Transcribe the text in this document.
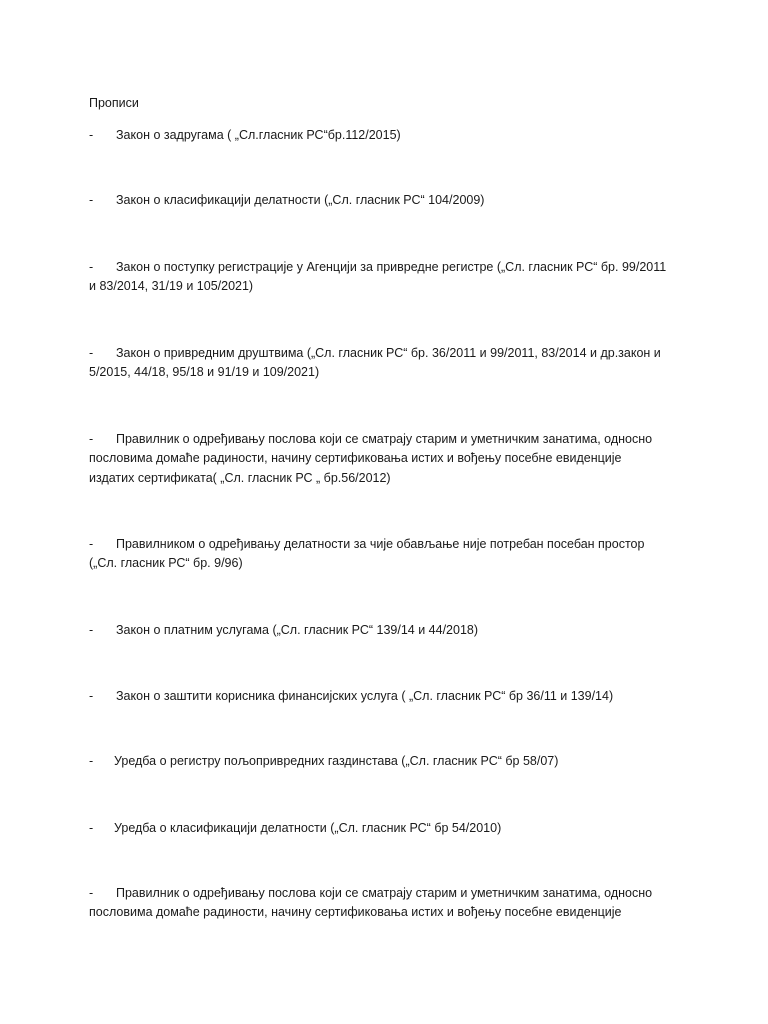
Прописи
- Закон о задругама ( „Сл.гласник РС“бр.112/2015)
- Закон о класификацији делатности („Сл. гласник РС“ 104/2009)
- Закон о поступку регистрације у Агенцији за привредне регистре („Сл. гласник РС“ бр. 99/2011
и 83/2014, 31/19 и 105/2021)
- Закон о привредним друштвима („Сл. гласник РС“ бр. 36/2011 и 99/2011, 83/2014 и др.закон и
5/2015, 44/18, 95/18 и 91/19 и 109/2021)
- Правилник о одређивању послова који се сматрају старим и уметничким занатима, односно
пословима домаће радиности, начину сертификовања истих и вођењу посебне евиденције
издатих сертификата( „Сл. гласник РС „ бр.56/2012)
- Правилником о одређивању делатности за чије обављање није потребан посебан простор
(„Сл. гласник РС“ бр. 9/96)
- Закон о платним услугама („Сл. гласник РС“ 139/14 и 44/2018)
- Закон о заштити корисника финансијских услуга ( „Сл. гласник РС“ бр 36/11 и 139/14)
- Уредба о регистру пољопривредних газдинстава („Сл. гласник РС“ бр 58/07)
- Уредба о класификацији делатности („Сл. гласник РС“ бр 54/2010)
- Правилник о одређивању послова који се сматрају старим и уметничким занатима, односно
пословима домаће радиности, начину сертификовања истих и вођењу посебне евиденције
